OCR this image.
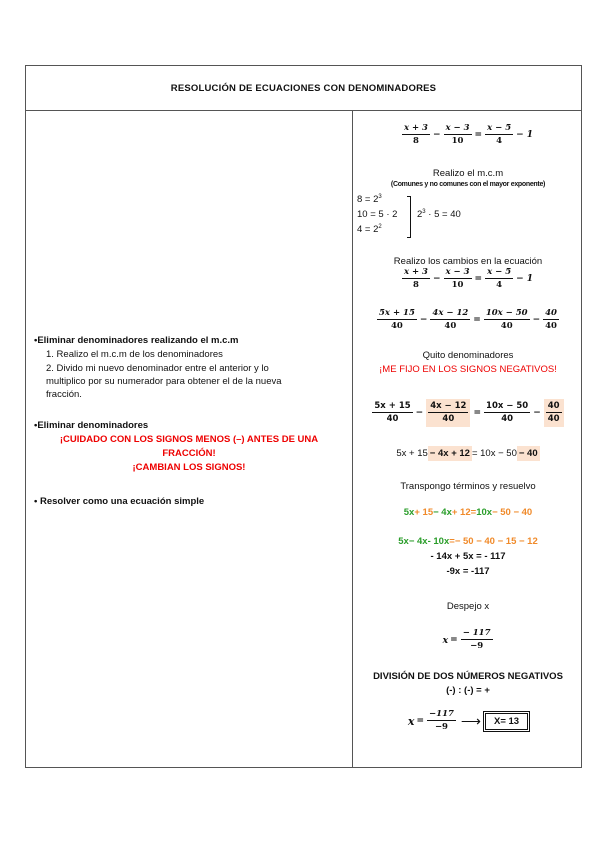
RESOLUCIÓN DE ECUACIONES CON DENOMINADORES
•Eliminar denominadores realizando el m.c.m
1. Realizo el m.c.m de los denominadores
2. Divido mi nuevo denominador entre el anterior y lo
multiplico por su numerador para obtener el de la nueva
fracción.
•Eliminar denominadores
¡CUIDADO CON LOS SIGNOS MENOS (–) ANTES DE UNA
FRACCIÓN!
¡CAMBIAN LOS SIGNOS!
• Resolver como una ecuación simple
$\frac{x + 3}{8} - \frac{x - 3}{10} = \frac{x - 5}{4} - 1$
Realizo el m.c.m
(Comunes y no comunes con el mayor exponente)
$8 = 2^3$
10 = 5 · 2
$4 = 2^2$
$2^3 \cdot 5 = 40$
Realizo los cambios en la ecuación
$\frac{x + 3}{8} - \frac{x - 3}{10} = \frac{x - 5}{4} - 1$
$\frac{5x + 15}{40} - \frac{4x - 12}{40} = \frac{10x - 50}{40} - \frac{40}{40}$
Quito denominadores
¡ME FIJO EN LOS SIGNOS NEGATIVOS!
$\frac{5x + 15}{40} - \frac{4x - 12}{40} = \frac{10x - 50}{40} - \frac{40}{40}$
5x + 15 − 4x + 12 = 10x − 50 − 40
Transpongo términos y resuelvo
5x + 15 − 4x + 12 = 10x − 50 − 40
5x − 4x - 10x = − 50 − 40 − 15 − 12
- 14x + 5x = - 117
-9x = -117
Despejo x
$x = \frac{- 117}{-9}$
DIVISIÓN DE DOS NÚMEROS NEGATIVOS
(-) : (-) = +
$x = \frac{-117}{-9}$ ⟶	X= 13
